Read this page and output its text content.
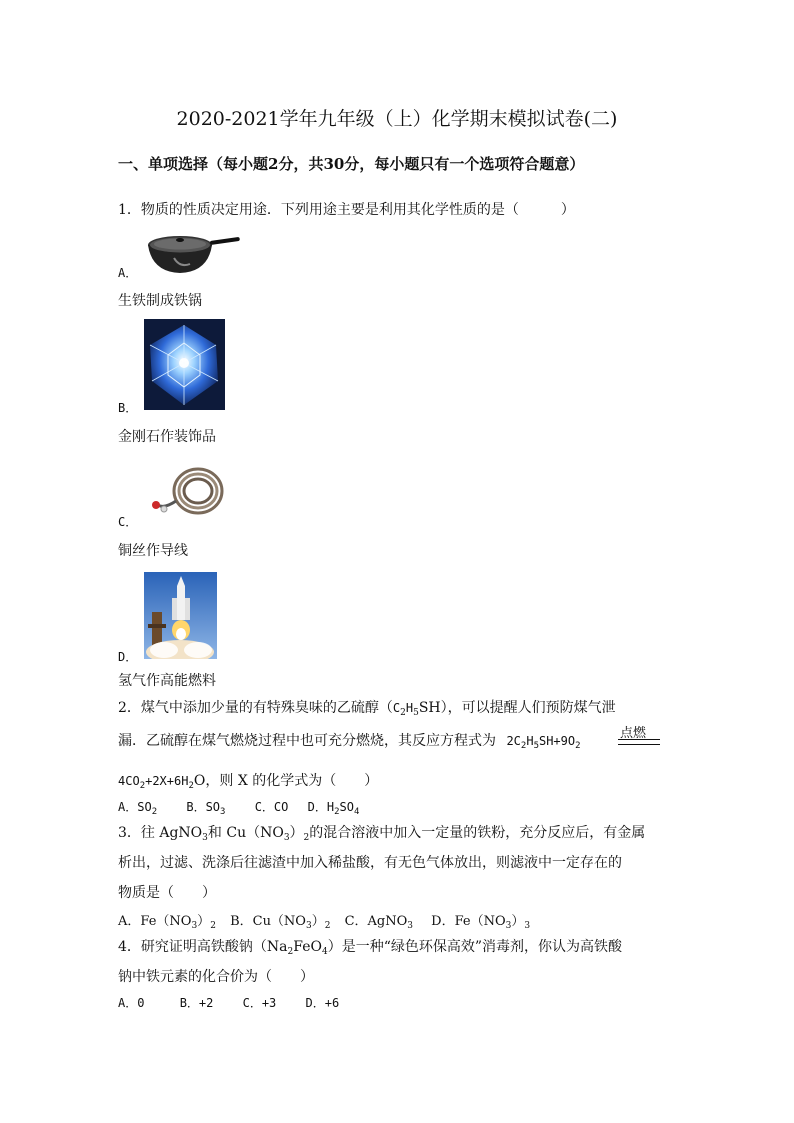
2020-2021学年九年级（上）化学期末模拟试卷(二)
一、单项选择（每小题2分，共30分，每小题只有一个选项符合题意）
1．物质的性质决定用途．下列用途主要是利用其化学性质的是（　　　）
A．
生铁制成铁锅
B．
金刚石作装饰品
C．
铜丝作导线
D．
氢气作高能燃料
2．煤气中添加少量的有特殊臭味的乙硫醇$(C_2H_5SH)$，可以提醒人们预防煤气泄
漏．乙硫醇在煤气燃烧过程中也可充分燃烧，其反应方程式为 $2C_2H_5SH+9O_2$
点燃
$4CO_2+2X+6H_2O$，则 X 的化学式为（　　）
A．$SO_2$ B．$SO_3$ C．CO D．$H_2SO_4$
3．往 AgNO$_3$和 $Cu(NO_3)_2$的混合溶液中加入一定量的铁粉，充分反应后，有金属
析出，过滤、洗涤后往滤渣中加入稀盐酸，有无色气体放出，则滤液中一定存在的
物质是（　　）
A．$Fe(NO_3)_2$ B．$Cu(NO_3)_2$ C．AgNO$_3$ D．$Fe(NO_3)_3$
4．研究证明高铁酸钠$(Na_2FeO_4)$是一种“绿色环保高效”消毒剂，你认为高铁酸
钠中铁元素的化合价为（　　）
A．0	B．+2 C．+3 D．+6
